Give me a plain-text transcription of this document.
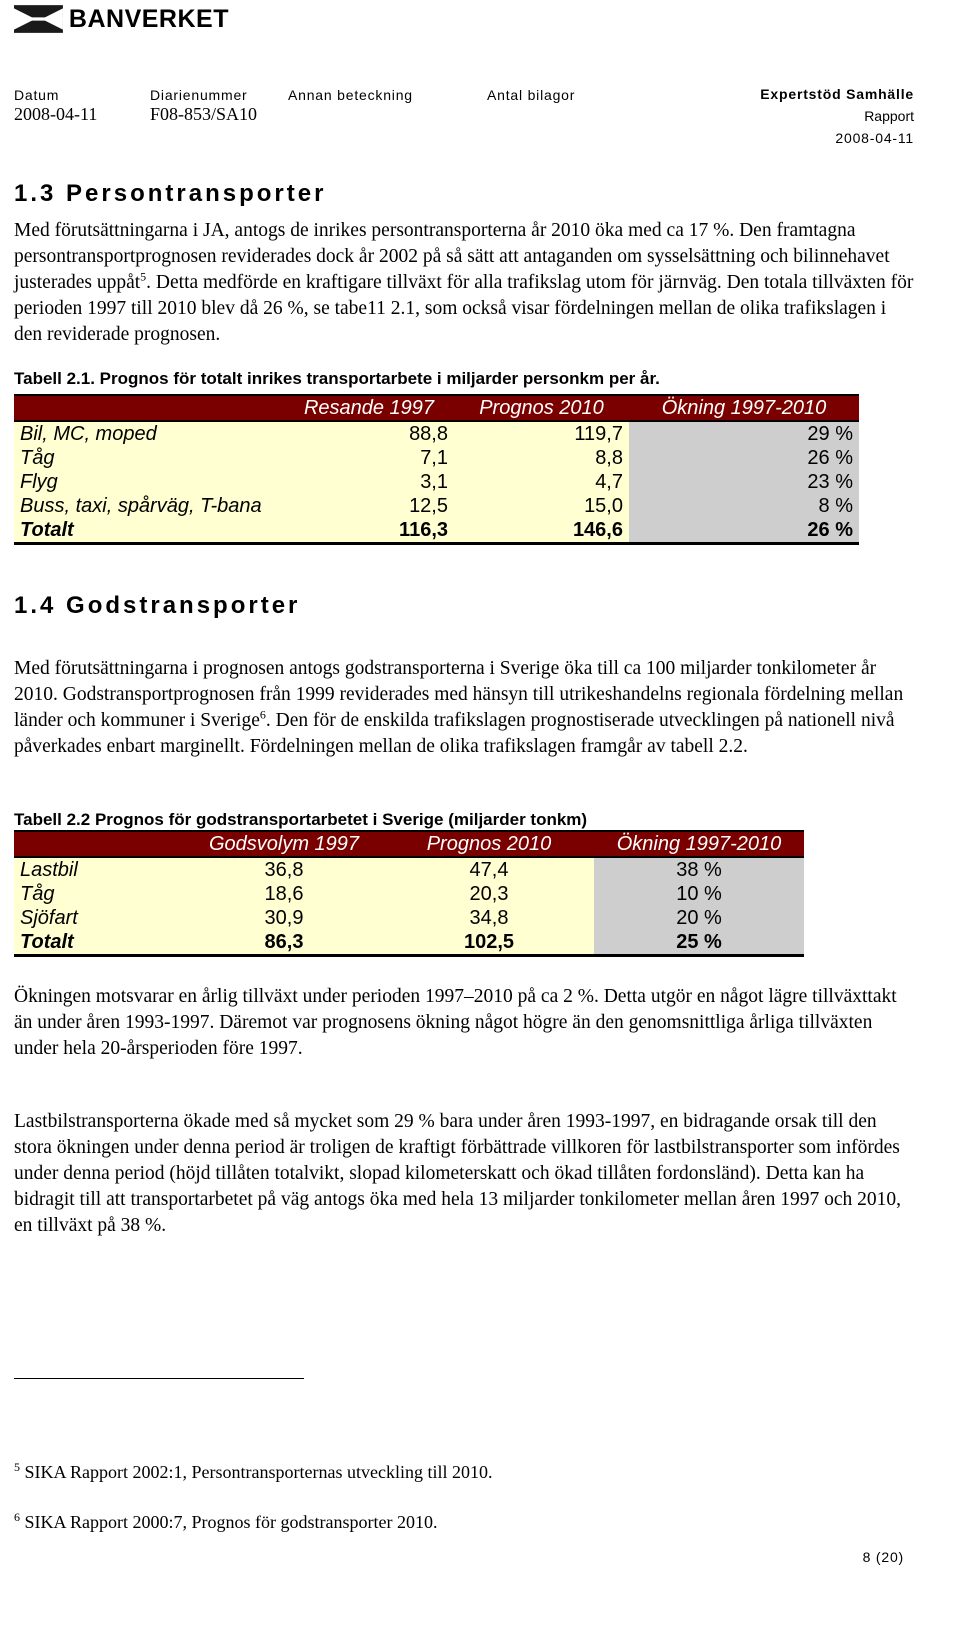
BANVERKET
Datum	Diarienummer	Annan beteckning	Antal bilagor
2008-04-11	F08-853/SA10
Expertstöd Samhälle
Rapport
2008-04-11
1.3 Persontransporter

Med förutsättningarna i JA, antogs de inrikes persontransporterna år 2010 öka med ca 17 %. Den framtagna persontransportprognosen reviderades dock år 2002 på så sätt att antaganden om sysselsättning och bilinnehavet justerades uppåt$^5$. Detta medförde en kraftigare tillväxt för alla trafikslag utom för järnväg. Den totala tillväxten för perioden 1997 till 2010 blev då 26 %, se tabe11 2.1, som också visar fördelningen mellan de olika trafikslagen i den reviderade prognosen.

Tabell 2.1. Prognos för totalt inrikes transportarbete i miljarder personkm per år.
	Resande 1997	Prognos 2010	Ökning 1997-2010
Bil, MC, moped	88,8	119,7	29 %
Tåg	7,1	8,8	26 %
Flyg	3,1	4,7	23 %
Buss, taxi, spårväg, T-bana	12,5	15,0	8 %
Totalt	116,3	146,6	26 %
1.4 Godstransporter

Med förutsättningarna i prognosen antogs godstransporterna i Sverige öka till ca 100 miljarder tonkilometer år 2010. Godstransportprognosen från 1999 reviderades med hänsyn till utrikeshandelns regionala fördelning mellan länder och kommuner i Sverige$^6$. Den för de enskilda trafikslagen prognostiserade utvecklingen på nationell nivå påverkades enbart marginellt. Fördelningen mellan de olika trafikslagen framgår av tabell 2.2.

Tabell 2.2 Prognos för godstransportarbetet i Sverige (miljarder tonkm)
	Godsvolym 1997	Prognos 2010	Ökning 1997-2010
Lastbil	36,8	47,4	38 %
Tåg	18,6	20,3	10 %
Sjöfart	30,9	34,8	20 %
Totalt	86,3	102,5	25 %

Ökningen motsvarar en årlig tillväxt under perioden 1997–2010 på ca 2 %. Detta utgör en något lägre tillväxttakt än under åren 1993-1997. Däremot var prognosens ökning något högre än den genomsnittliga årliga tillväxten under hela 20-årsperioden före 1997.

Lastbilstransporterna ökade med så mycket som 29 % bara under åren 1993-1997, en bidragande orsak till den stora ökningen under denna period är troligen de kraftigt förbättrade villkoren för lastbilstransporter som infördes under denna period (höjd tillåten totalvikt, slopad kilometerskatt och ökad tillåten fordonsländ). Detta kan ha bidragit till att transportarbetet på väg antogs öka med hela 13 miljarder tonkilometer mellan åren 1997 och 2010, en tillväxt på 38 %.

$^5$ SIKA Rapport 2002:1, Persontransporternas utveckling till 2010.
$^6$ SIKA Rapport 2000:7, Prognos för godstransporter 2010.
8 (20)
